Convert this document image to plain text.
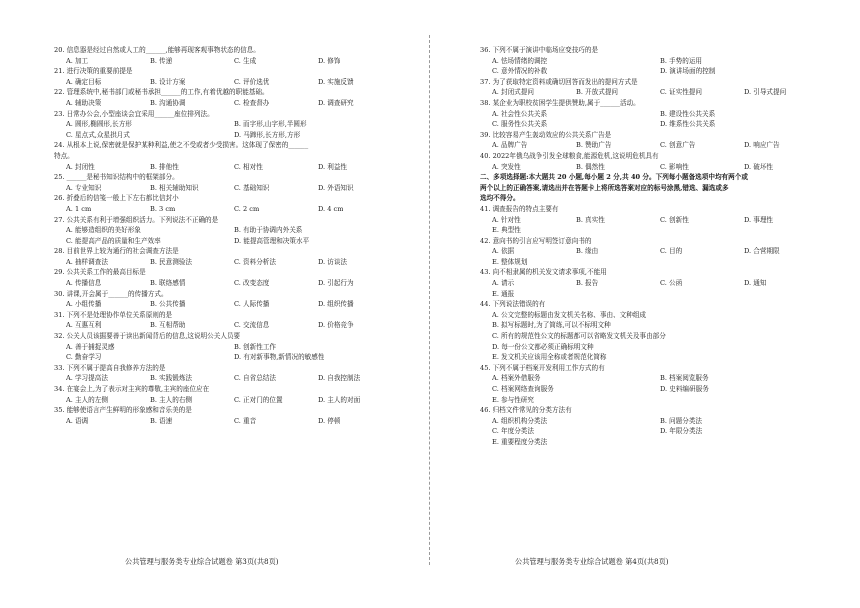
20. 信息器是经过自然或人工的______,能够再现客观事物状态的信息。
A. 加工	B. 传递	C. 生成	D. 修饰
21. 进行决策的重要前提是
A. 确定目标	B. 设计方案	C. 评价选优	D. 实施反馈
22. 管理系统中,秘书部门或秘书承担______的工作,有着优越的职能基础。
A. 辅助决策	B. 沟通协调	C. 检查督办	D. 调查研究
23. 日常办公会,小型座谈会宜采用______座位排列法。
A. 圆形,椭圆形,长方形	B. 而字形,山字形,半圆形
C. 星点式,众星拱月式	D. 马蹄形,长方形,方形
24. 从根本上说,保密就是保护某种利益,使之不受或者少受损害。这体现了保密的______
特点。
A. 封闭性	B. 排他性	C. 相对性	D. 利益性
25. ______是秘书知识结构中的框架部分。
A. 专业知识	B. 相关辅助知识	C. 基础知识	D. 外语知识
26. 折叠后的信笺一般上下左右都比信封小
A. 1 cm	B. 3 cm	C. 2 cm	D. 4 cm
27. 公共关系有利于增强组织活力。下列说法不正确的是
A. 能够造组织的美好形象	B. 有助于协调内外关系
C. 能提高产品的质量和生产效率	D. 能提高管理和决策水平
28. 目前世界上较为通行的社会调查方法是
A. 抽样调查法	B. 民意测验法	C. 资料分析法	D. 访谈法
29. 公共关系工作的最高目标是
A. 传播信息	B. 联络感情	C. 改变态度	D. 引起行为
30. 讲课,开会属于______的传播方式。
A. 小组传播	B. 公共传播	C. 人际传播	D. 组织传播
31. 下列不是处理协作单位关系原则的是
A. 互惠互利	B. 互相帮助	C. 交流信息	D. 价格竞争
32. 公关人员该掘要善于读出新闻背后的信息,这说明公关人员要
A. 善于捕捉灵感	B. 创新性工作
C. 勤奋学习	D. 有对新事物,新情况的敏感性
33. 下列不属于提高自我修养方法的是
A. 学习提高法	B. 实践锻炼法	C. 自省总结法	D. 自我控制法
34. 在宴会上,为了表示对主宾的尊敬,主宾的座位应在
A. 主人的左侧	B. 主人的右侧	C. 正对门的位置	D. 主人的对面
35. 能够使语言产生鲜明的形象感和音乐美的是
A. 语调	B. 语速	C. 重音	D. 停顿
公共管理与服务类专业综合试题卷 第3页(共8页)
36. 下列不属于演讲中临场应变技巧的是
A. 怯场情绪的调控	B. 手势的运用
C. 意外情况的补救	D. 演讲场面的控制
37. 为了获取特定资料或确切回答而发出的提问方式是
A. 封闭式提问	B. 开放式提问	C. 证实性提问	D. 引导式提问
38. 某企业为职校贫困学生提供赞助,属于______活动。
A. 社会性公共关系	B. 建设性公共关系
C. 服务性公共关系	D. 维系性公共关系
39. 比较容易产生轰动效应的公共关系广告是
A. 品牌广告	B. 赞助广告	C. 创意广告	D. 响应广告
40. 2022年俄乌战争引发全球粮食,能源危机,这说明危机具有
A. 突发性	B. 偶然性	C. 影响性	D. 破坏性
二、多项选择题:本大题共 20 小题,每小题 2 分,共 40 分。下列每小题备选项中均有两个或
两个以上的正确答案,请选出并在答题卡上将所选答案对应的标号涂黑,错选、漏选或多
选均不得分。
41. 调查报告的特点主要有
A. 针对性	B. 真实性	C. 创新性	D. 事理性
E. 典型性
42. 意向书的引言应写明签订意向书的
A. 依据	B. 缘由	C. 目的	D. 合营期限
E. 整体规划
43. 向不相隶属的机关发文请求事项,不能用
A. 请示	B. 报告	C. 公函	D. 通知
E. 通报
44. 下列说法错误的有
A. 公文完整的标题由发文机关名称、事由、文种组成
B. 拟写标题时,为了简练,可以不标明文种
C. 所有的规范性公文的标题都可以省略发文机关及事由部分
D. 每一份公文都必须正确标明文种
E. 发文机关应该用全称或者规范化简称
45. 下列不属于档案开发利用工作方式的有
A. 档案外借服务	B. 档案阅览服务
C. 档案网络查询服务	D. 史料编研服务
E. 参与性研究
46. 归档文件常见的分类方法有
A. 组织机构分类法	B. 问题分类法
C. 年度分类法	D. 年限分类法
E. 重要程度分类法
公共管理与服务类专业综合试题卷 第4页(共8页)
